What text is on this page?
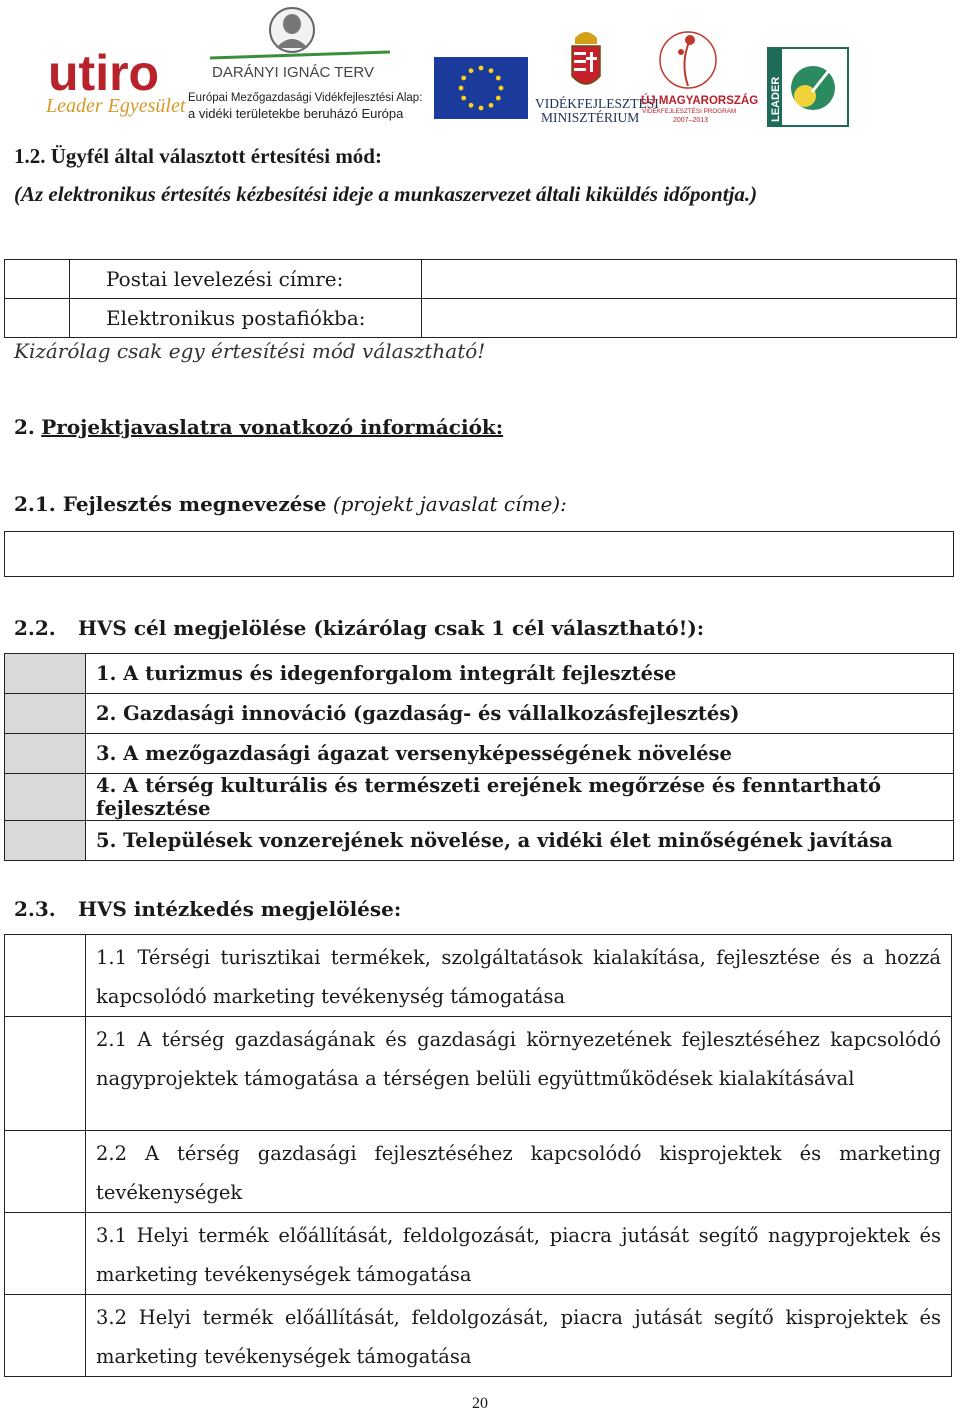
utiro
Leader Egyesület
DARÁNYI IGNÁC TERV
Európai Mezőgazdasági Vidékfejlesztési Alap:
a vidéki területekbe beruházó Európa
VIDÉKFEJLESZTÉSI
MINISZTÉRIUM
ÚJ MAGYARORSZÁG
VIDÉKFEJLESZTÉSI PROGRAM
2007–2013	LEADER
1.2. Ügyfél által választott értesítési mód:
(Az elektronikus értesítés kézbesítési ideje a munkaszervezet általi kiküldés időpontja.)
	Postai levelezési címre:	
	Elektronikus postafiókba:	
Kizárólag csak egy értesítési mód választható!
2. Projektjavaslatra vonatkozó információk:
2.1. Fejlesztés megnevezése (projekt javaslat címe):
2.2. HVS cél megjelölése (kizárólag csak 1 cél választható!):
	1. A turizmus és idegenforgalom integrált fejlesztése
	2. Gazdasági innováció (gazdaság- és vállalkozásfejlesztés)
	3. A mezőgazdasági ágazat versenyképességének növelése
	4. A térség kulturális és természeti erejének megőrzése és fenntartható fejlesztése
	5. Települések vonzerejének növelése, a vidéki élet minőségének javítása
2.3. HVS intézkedés megjelölése:
	1.1 Térségi turisztikai termékek, szolgáltatások kialakítása, fejlesztése és a hozzá kapcsolódó marketing tevékenység támogatása
	2.1 A térség gazdaságának és gazdasági környezetének fejlesztéséhez kapcsolódó nagyprojektek támogatása a térségen belüli együttműködések kialakításával
	2.2 A térség gazdasági fejlesztéséhez kapcsolódó kisprojektek és marketing tevékenységek
	3.1 Helyi termék előállítását, feldolgozását, piacra jutását segítő nagyprojektek és marketing tevékenységek támogatása
	3.2 Helyi termék előállítását, feldolgozását, piacra jutását segítő kisprojektek és marketing tevékenységek támogatása
20
